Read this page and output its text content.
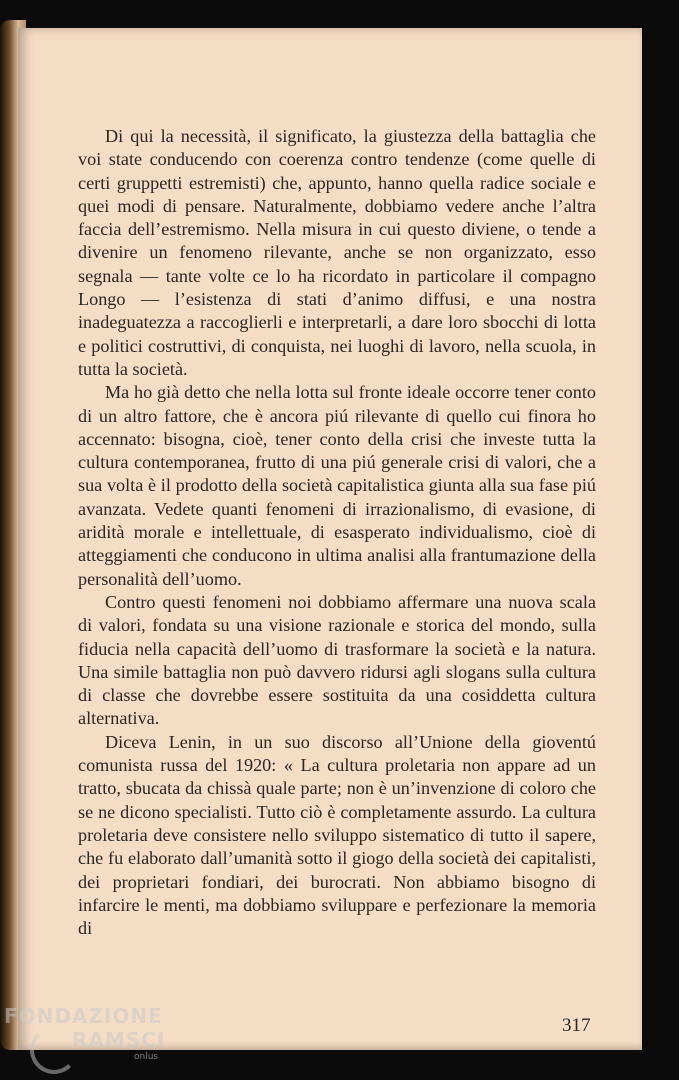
Di qui la necessità, il significato, la giustezza della battaglia che voi state conducendo con coerenza contro tendenze (come quelle di certi gruppetti estremisti) che, appunto, hanno quella radice sociale e quei modi di pensare. Naturalmente, dobbiamo vedere anche l’altra faccia dell’estremismo. Nella misura in cui questo diviene, o tende a divenire un fenomeno rilevante, anche se non organizzato, esso segnala — tante volte ce lo ha ricordato in particolare il compagno Longo — l’esistenza di stati d’animo diffusi, e una nostra inadeguatezza a raccoglierli e interpretarli, a dare loro sbocchi di lotta e politici costruttivi, di conquista, nei luoghi di lavoro, nella scuola, in tutta la società.

Ma ho già detto che nella lotta sul fronte ideale occorre tener conto di un altro fattore, che è ancora piú rilevante di quello cui finora ho accennato: bisogna, cioè, tener conto della crisi che investe tutta la cultura contemporanea, frutto di una piú generale crisi di valori, che a sua volta è il prodotto della società capitalistica giunta alla sua fase piú avanzata. Vedete quanti fenomeni di irrazionalismo, di evasione, di aridità morale e intellettuale, di esasperato individualismo, cioè di atteggiamenti che conducono in ultima analisi alla frantumazione della personalità dell’uomo.

Contro questi fenomeni noi dobbiamo affermare una nuova scala di valori, fondata su una visione razionale e storica del mondo, sulla fiducia nella capacità dell’uomo di trasformare la società e la natura. Una simile battaglia non può davvero ridursi agli slogans sulla cultura di classe che dovrebbe essere sostituita da una cosiddetta cultura alternativa.

Diceva Lenin, in un suo discorso all’Unione della gioventú comunista russa del 1920: « La cultura proletaria non appare ad un tratto, sbucata da chissà quale parte; non è un’invenzione di coloro che se ne dicono specialisti. Tutto ciò è completamente assurdo. La cultura proletaria deve consistere nello sviluppo sistematico di tutto il sapere, che fu elaborato dall’umanità sotto il giogo della società dei capitalisti, dei proprietari fondiari, dei burocrati. Non abbiamo bisogno di infarcire le menti, ma dobbiamo sviluppare e perfezionare la memoria di

317
FONDAZIONE
RAMSCI
onlus
